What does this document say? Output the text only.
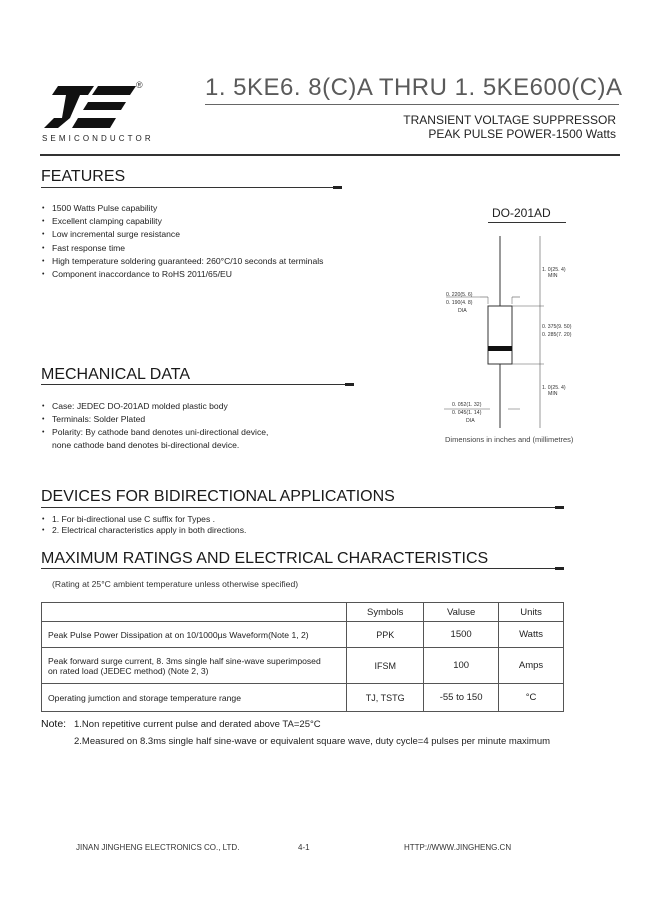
®
SEMICONDUCTOR
1. 5KE6. 8(C)A THRU 1. 5KE600(C)A
TRANSIENT VOLTAGE SUPPRESSOR
PEAK PULSE POWER-1500 Watts
FEATURES
• 1500 Watts Pulse capability
• Excellent clamping capability
• Low incremental surge resistance
• Fast response time
• High temperature soldering guaranteed: 260°C/10 seconds at terminals
• Component inaccordance to RoHS 2011/65/EU
DO-201AD
1. 0(25. 4)
MIN
0. 220(5. 6)
0. 190(4. 8)
DIA
0. 375(9. 50)
0. 285(7. 20)
1. 0(25. 4)
MIN
0. 052(1. 32)
0. 045(1. 14)
DIA
Dimensions in inches and (millimetres)
MECHANICAL DATA
• Case: JEDEC DO-201AD molded plastic body
• Terminals: Solder Plated
• Polarity: By cathode band denotes uni-directional device,
none cathode band denotes bi-directional device.
DEVICES FOR BIDIRECTIONAL APPLICATIONS
• 1. For bi-directional use C suffix for Types .
• 2. Electrical characteristics apply in both directions.
MAXIMUM RATINGS AND ELECTRICAL CHARACTERISTICS
(Rating at 25°C ambient temperature unless otherwise specified)
	Symbols	Valuse	Units
Peak Pulse Power Dissipation at on 10/1000µs Waveform(Note 1, 2)	PPK	1500	Watts

Peak forward surge current, 8. 3ms single half sine-wave superimposed
on rated load (JEDEC method) (Note 2, 3)	IFSM	100	Amps
Operating jumction and storage temperature range	TJ, TSTG	-55 to 150	°C
Note: 1.Non repetitive current pulse and derated above TA=25°C
2.Measured on 8.3ms single half sine-wave or equivalent square wave, duty cycle=4 pulses per minute maximum
JINAN JINGHENG ELECTRONICS CO., LTD.	4-1	HTTP://WWW.JINGHENG.CN
